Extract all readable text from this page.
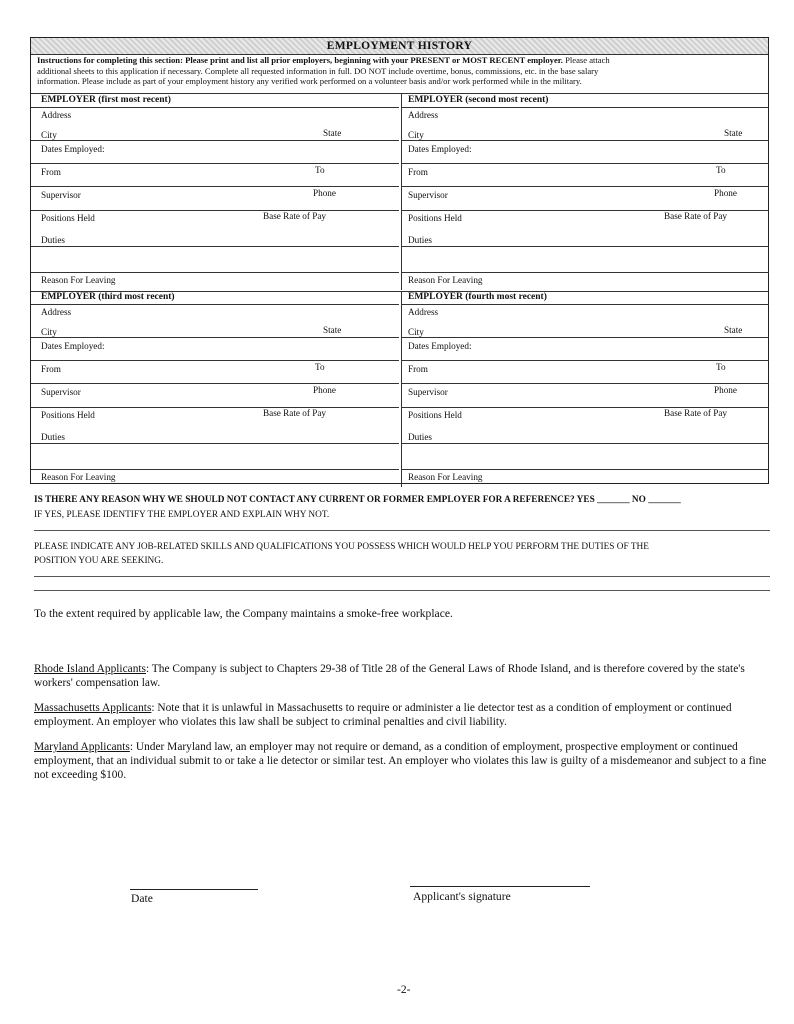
EMPLOYMENT HISTORY
Instructions for completing this section: Please print and list all prior employers, beginning with your PRESENT or MOST RECENT employer. Please attach
additional sheets to this application if necessary. Complete all requested information in full. DO NOT include overtime, bonus, commissions, etc. in the base salary
information. Please include as part of your employment history any verified work performed on a volunteer basis and/or work performed while in the military.
EMPLOYER (first most recent)
Address
City	State
Dates Employed:
From	To
Supervisor	Phone
Positions Held	Base Rate of Pay
Duties
Reason For Leaving
EMPLOYER (second most recent)
Address
City	State
Dates Employed:
From	To
Supervisor	Phone
Positions Held	Base Rate of Pay
Duties
Reason For Leaving
EMPLOYER (third most recent)
Address
City	State
Dates Employed:
From	To
Supervisor	Phone
Positions Held	Base Rate of Pay
Duties
Reason For Leaving
EMPLOYER (fourth most recent)
Address
City	State
Dates Employed:
From	To
Supervisor	Phone
Positions Held	Base Rate of Pay
Duties
Reason For Leaving
IS THERE ANY REASON WHY WE SHOULD NOT CONTACT ANY CURRENT OR FORMER EMPLOYER FOR A REFERENCE? YES _______ NO _______
IF YES, PLEASE IDENTIFY THE EMPLOYER AND EXPLAIN WHY NOT.
PLEASE INDICATE ANY JOB-RELATED SKILLS AND QUALIFICATIONS YOU POSSESS WHICH WOULD HELP YOU PERFORM THE DUTIES OF THE
POSITION YOU ARE SEEKING.
To the extent required by applicable law, the Company maintains a smoke-free workplace.
Rhode Island Applicants: The Company is subject to Chapters 29-38 of Title 28 of the General Laws of Rhode Island, and is therefore covered by the state's workers' compensation law.
Massachusetts Applicants: Note that it is unlawful in Massachusetts to require or administer a lie detector test as a condition of employment or continued employment. An employer who violates this law shall be subject to criminal penalties and civil liability.
Maryland Applicants: Under Maryland law, an employer may not require or demand, as a condition of employment, prospective employment or continued employment, that an individual submit to or take a lie detector or similar test. An employer who violates this law is guilty of a misdemeanor and subject to a fine not exceeding $100.
Date	Applicant's signature
-2-
